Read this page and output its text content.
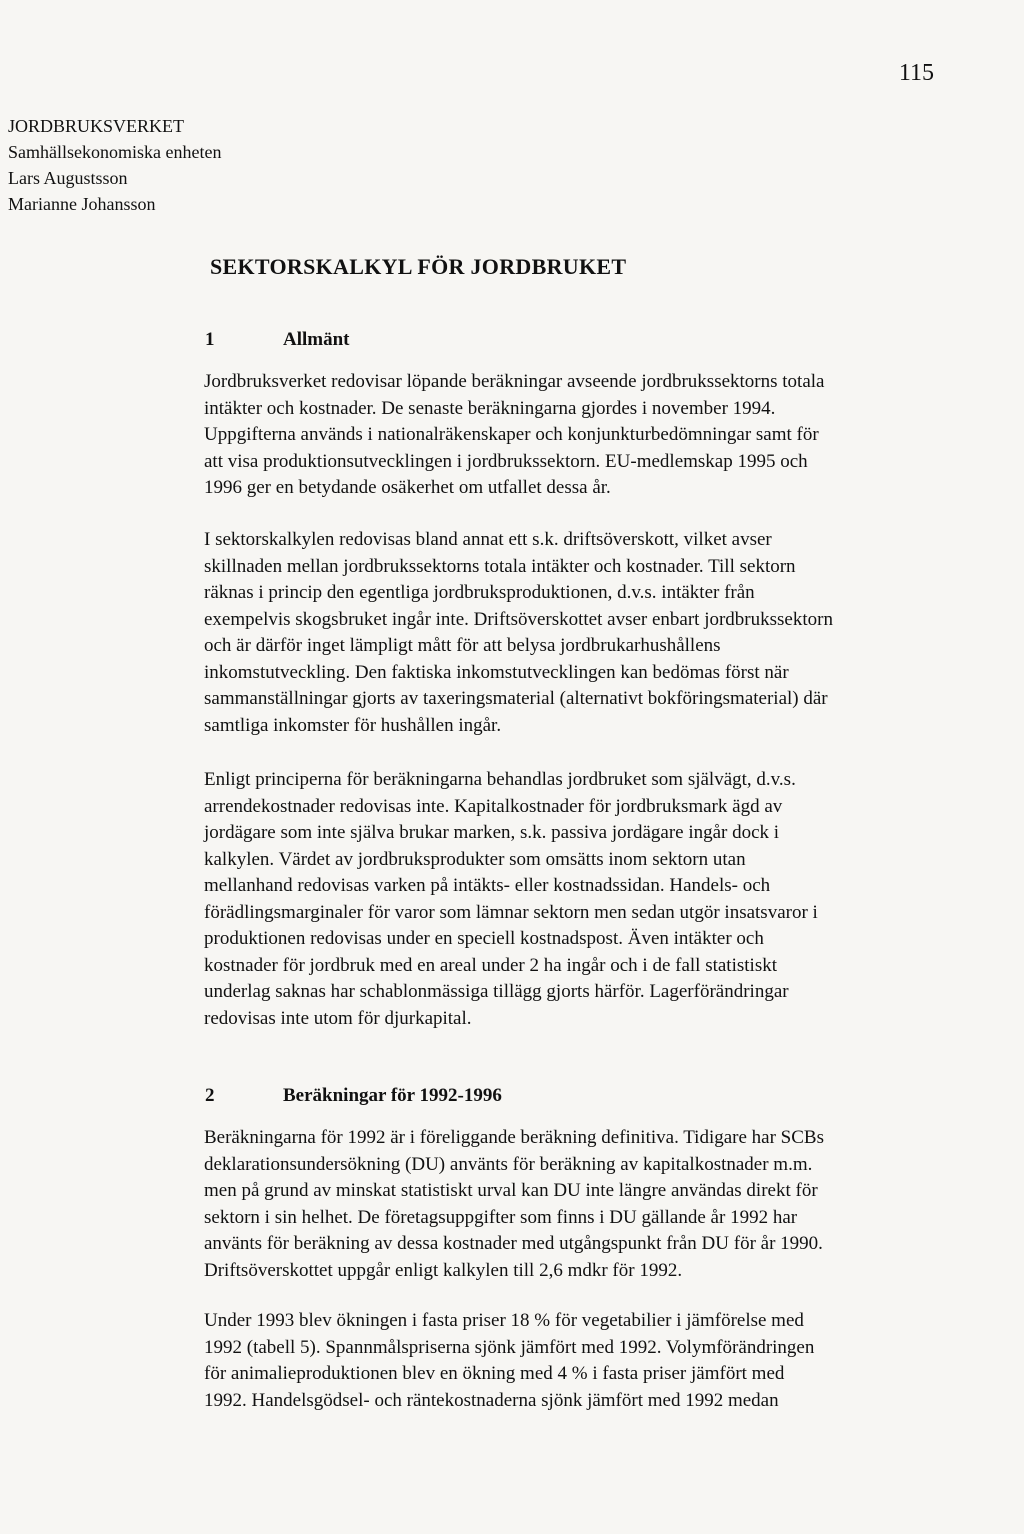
115
JORDBRUKSVERKET
Samhällsekonomiska enheten
Lars Augustsson
Marianne Johansson
SEKTORSKALKYL FÖR JORDBRUKET
1	Allmänt
Jordbruksverket redovisar löpande beräkningar avseende jordbrukssektorns totala
intäkter och kostnader. De senaste beräkningarna gjordes i november 1994.
Uppgifterna används i nationalräkenskaper och konjunkturbedömningar samt för
att visa produktionsutvecklingen i jordbrukssektorn. EU-medlemskap 1995 och
1996 ger en betydande osäkerhet om utfallet dessa år.
I sektorskalkylen redovisas bland annat ett s.k. driftsöverskott, vilket avser
skillnaden mellan jordbrukssektorns totala intäkter och kostnader. Till sektorn
räknas i princip den egentliga jordbruksproduktionen, d.v.s. intäkter från
exempelvis skogsbruket ingår inte. Driftsöverskottet avser enbart jordbrukssektorn
och är därför inget lämpligt mått för att belysa jordbrukarhushållens
inkomstutveckling. Den faktiska inkomstutvecklingen kan bedömas först när
sammanställningar gjorts av taxeringsmaterial (alternativt bokföringsmaterial) där
samtliga inkomster för hushållen ingår.
Enligt principerna för beräkningarna behandlas jordbruket som självägt, d.v.s.
arrendekostnader redovisas inte. Kapitalkostnader för jordbruksmark ägd av
jordägare som inte själva brukar marken, s.k. passiva jordägare ingår dock i
kalkylen. Värdet av jordbruksprodukter som omsätts inom sektorn utan
mellanhand redovisas varken på intäkts- eller kostnadssidan. Handels- och
förädlingsmarginaler för varor som lämnar sektorn men sedan utgör insatsvaror i
produktionen redovisas under en speciell kostnadspost. Även intäkter och
kostnader för jordbruk med en areal under 2 ha ingår och i de fall statistiskt
underlag saknas har schablonmässiga tillägg gjorts härför. Lagerförändringar
redovisas inte utom för djurkapital.
2	Beräkningar för 1992-1996
Beräkningarna för 1992 är i föreliggande beräkning definitiva. Tidigare har SCBs
deklarationsundersökning (DU) använts för beräkning av kapitalkostnader m.m.
men på grund av minskat statistiskt urval kan DU inte längre användas direkt för
sektorn i sin helhet. De företagsuppgifter som finns i DU gällande år 1992 har
använts för beräkning av dessa kostnader med utgångspunkt från DU för år 1990.
Driftsöverskottet uppgår enligt kalkylen till 2,6 mdkr för 1992.
Under 1993 blev ökningen i fasta priser 18 % för vegetabilier i jämförelse med
1992 (tabell 5). Spannmålspriserna sjönk jämfört med 1992. Volymförändringen
för animalieproduktionen blev en ökning med 4 % i fasta priser jämfört med
1992. Handelsgödsel- och räntekostnaderna sjönk jämfört med 1992 medan
